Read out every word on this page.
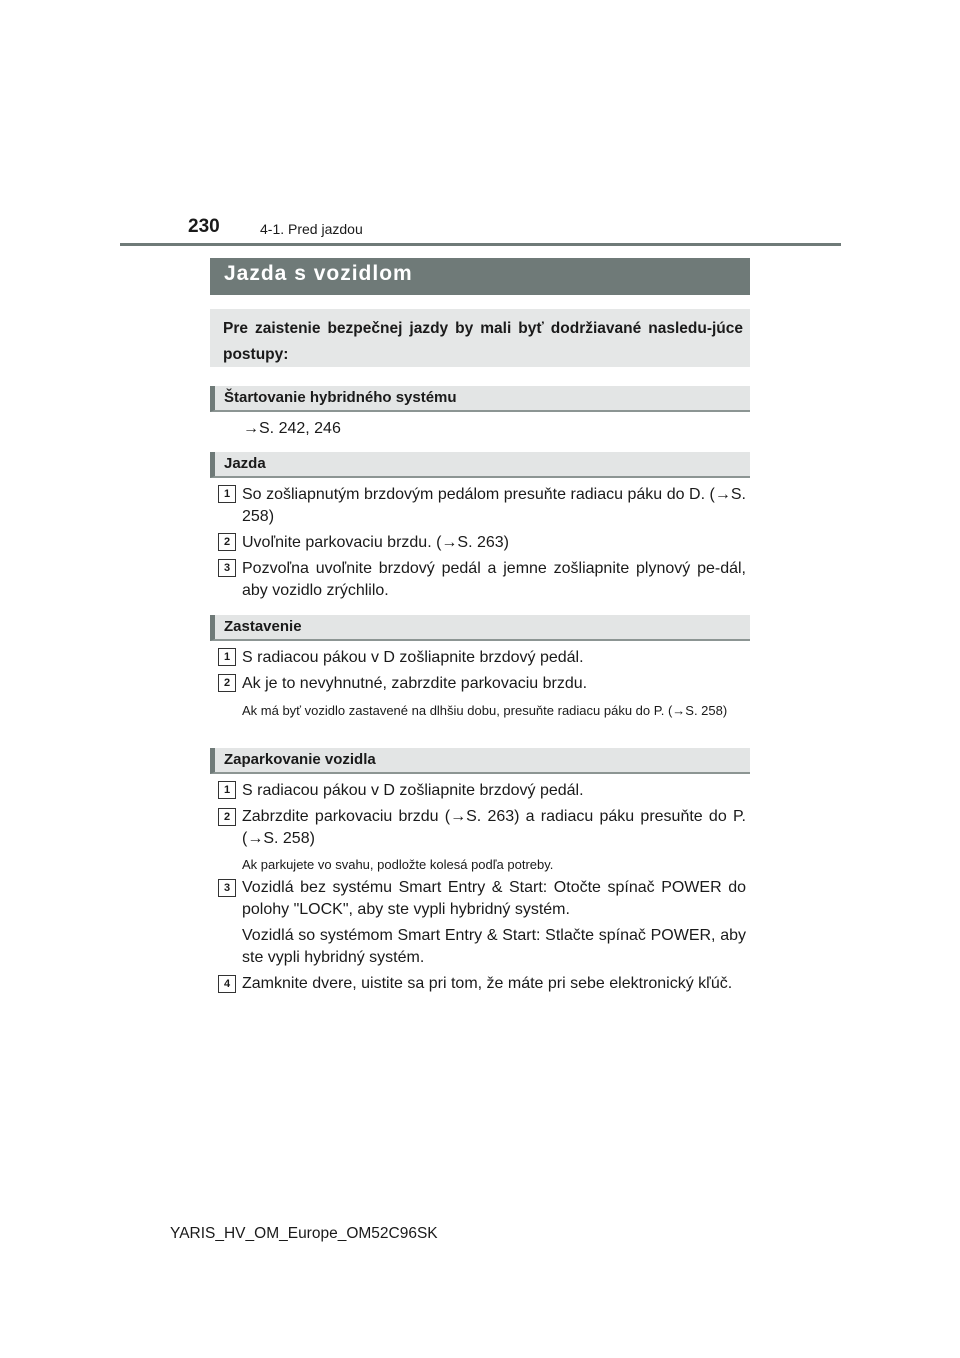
230	4-1. Pred jazdou
Jazda s vozidlom
Pre zaistenie bezpečnej jazdy by mali byť dodržiavané nasledu-júce postupy:
Štartovanie hybridného systému
→S. 242, 246
Jazda
1 So zošliapnutým brzdovým pedálom presuňte radiacu páku do D. (→S. 258)
2 Uvoľnite parkovaciu brzdu. (→S. 263)
3 Pozvoľna uvoľnite brzdový pedál a jemne zošliapnite plynový pe-dál, aby vozidlo zrýchlilo.
Zastavenie
1 S radiacou pákou v D zošliapnite brzdový pedál.
2 Ak je to nevyhnutné, zabrzdite parkovaciu brzdu.
Ak má byť vozidlo zastavené na dlhšiu dobu, presuňte radiacu páku do P. (→S. 258)
Zaparkovanie vozidla
1 S radiacou pákou v D zošliapnite brzdový pedál.
2 Zabrzdite parkovaciu brzdu (→S. 263) a radiacu páku presuňte do P. (→S. 258)
Ak parkujete vo svahu, podložte kolesá podľa potreby.
3 Vozidlá bez systému Smart Entry & Start: Otočte spínač POWER do polohy "LOCK", aby ste vypli hybridný systém.
Vozidlá so systémom Smart Entry & Start: Stlačte spínač POWER, aby ste vypli hybridný systém.
4 Zamknite dvere, uistite sa pri tom, že máte pri sebe elektronický kľúč.
YARIS_HV_OM_Europe_OM52C96SK
